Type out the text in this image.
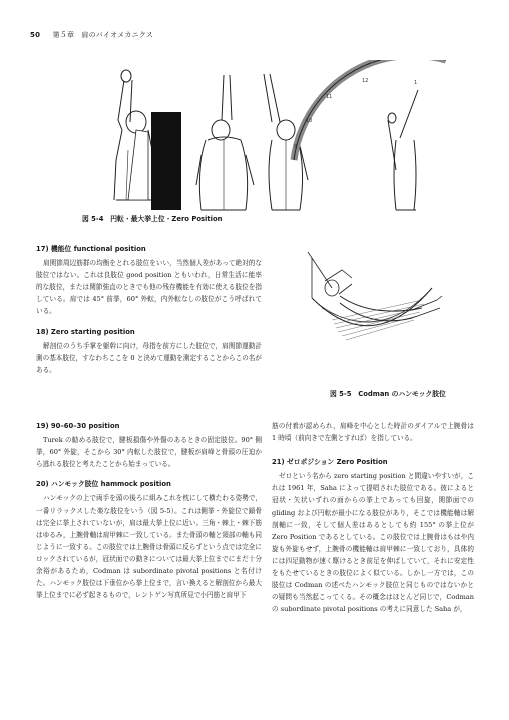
50 第５章　肩のバイオメカニクス
12
11
1
10
9
図 5-4　円転・最大挙上位・Zero Position
17) 機能位 functional position

肩関節周辺筋群の均衡をとれる肢位をいい，当然個人差があって絶対的な肢位ではない。これは良肢位 good position ともいわれ，日常生活に能率的な肢位，または関節強直のときでも他の残存機能を有効に使える肢位を指している。肩では 45° 前挙，60° 外転，内外転なしの肢位がこう呼ばれている。

18) Zero starting position

解剖位のうち手掌を躯幹に向け，母指を前方にした肢位で，肩関節運動計測の基本肢位，すなわちここを 0 と決めて運動を測定することからこの名がある。

図 5-5　Codman のハンモック肢位
19) 90–60–30 position

Turek の勧める肢位で，腱板損傷や外傷のあるときの固定肢位。90° 側挙，60° 外旋，そこから 30° 内転した肢位で，腱板が肩峰と骨頭の圧迫から逃れる肢位と考えたことから始まっている。

20) ハンモック肢位 hammock position

ハンモックの上で両手を頭の後ろに組みこれを枕にして横たわる姿勢で，一番リラックスした楽な肢位をいう（図 5-5）。これは側挙・外旋位で鎖骨は完全に挙上されていないが，肩は最大挙上位に近い。三角・棘上・棘下筋はゆるみ，上腕骨軸は肩甲棘に一致している。また骨頭の軸と頸部の軸も同じように一致する。この肢位では上腕骨は骨頭に反らずという点では完全にロックされているが，冠状面での動きについては最大挙上位までにまだ十分余裕があるため，Codman は subordinate pivotal positions と名付けた。ハンモック肢位は下垂位から挙上位まで，言い換えると解剖位から最大挙上位までに必ず起きるもので，レントゲン写真所見で小円筋と肩甲下

筋の付着が認められ，肩峰を中心とした時計のダイアルで上腕骨は 1 時頃（前向きで左側とすれば）を指している。

21) ゼロポジション Zero Position

ゼロという名から zero starting position と間違いやすいが，これは 1961 年，Saha によって提唱された肢位である。彼によると冠状・矢状いずれの面からの挙上であっても回旋，関節面での gliding および円転が最小になる肢位があり，そこでは機能軸は解剖軸に一致，そして個人差はあるとしても約 155° の挙上位が Zero Position であるとしている。この肢位では上腕骨はもはや内旋も外旋もせず，上腕骨の機能軸は肩甲棘に一致しており，具体的には四足動物が速く駆けるとき前足を伸ばしていて，それに安定性をもたせているときの肢位によく似ている。しかし一方では，この肢位は Codman の述べたハンモック肢位と同じものではないかとの疑問も当然起こってくる。その概念はほとんど同じで，Codman の subordinate pivotal positions の考えに同意した Saha が，
